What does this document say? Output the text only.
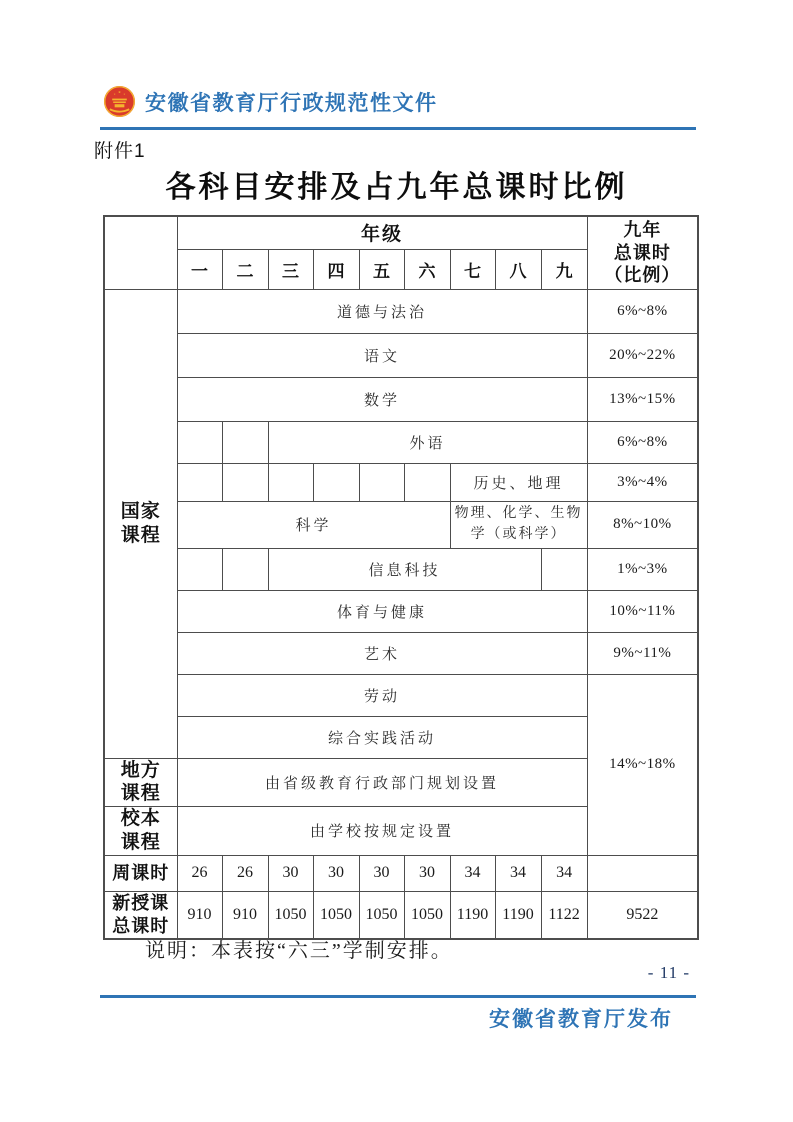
安徽省教育厅行政规范性文件
附件1
各科目安排及占九年总课时比例
	年级									九年
总课时
（比例）

	一	二	三	四	五	六	七	八	九	

国家
课程	道德与法治									6%~8%
	语文									20%~22%
	数学									13%~15%
			外语							6%~8%
							历史、地理			3%~4%
	科学						物理、化学、生物学（或科学）			8%~10%
			信息科技							1%~3%
	体育与健康									10%~11%
	艺术									9%~11%
	劳动									14%~18%
	综合实践活动									

地方
课程	由省级教育行政部门规划设置									

校本
课程	由学校按规定设置									
周课时	26	26	30	30	30	30	34	34	34	

新授课
总课时	910	910	1050	1050	1050	1050	1190	1190	1122	9522
说明：本表按“六三”学制安排。
- 11 -
安徽省教育厅发布
